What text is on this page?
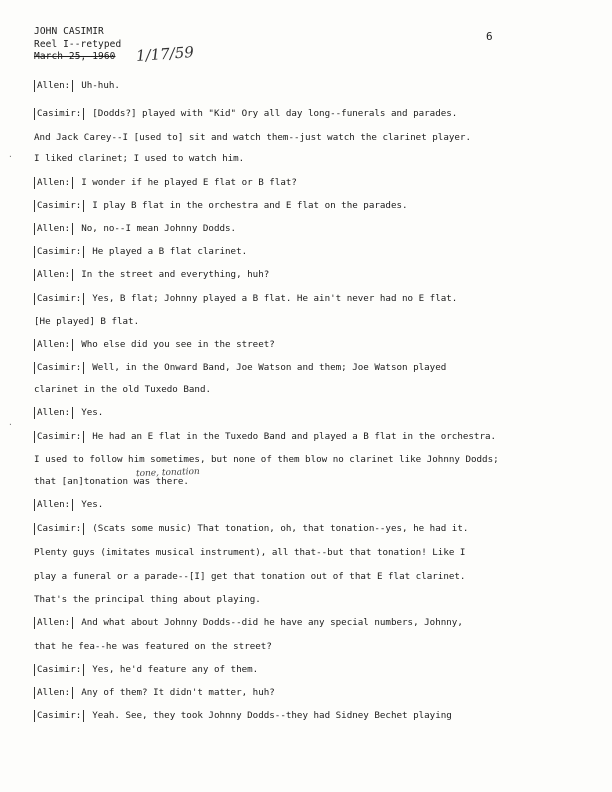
JOHN CASIMIR
Reel I--retyped
March 25, 1960	1/17/59
6
Allen: Uh-huh.
Casimir: [Dodds?] played with "Kid" Ory all day long--funerals and parades.
And Jack Carey--I [used to] sit and watch them--just watch the clarinet player.
I liked clarinet; I used to watch him.
Allen: I wonder if he played E flat or B flat?
Casimir: I play B flat in the orchestra and E flat on the parades.
Allen: No, no--I mean Johnny Dodds.
Casimir: He played a B flat clarinet.
Allen: In the street and everything, huh?
Casimir: Yes, B flat; Johnny played a B flat. He ain't never had no E flat.
[He played] B flat.
Allen: Who else did you see in the street?
Casimir: Well, in the Onward Band, Joe Watson and them; Joe Watson played
clarinet in the old Tuxedo Band.
Allen: Yes.
Casimir: He had an E flat in the Tuxedo Band and played a B flat in the orchestra.
I used to follow him sometimes, but none of them blow no clarinet like Johnny Dodds;
that [an]tonation was there.
Allen: Yes.
Casimir: (Scats some music) That tonation, oh, that tonation--yes, he had it.
Plenty guys (imitates musical instrument), all that--but that tonation! Like I
play a funeral or a parade--[I] get that tonation out of that E flat clarinet.
That's the principal thing about playing.
Allen: And what about Johnny Dodds--did he have any special numbers, Johnny,
that he fea--he was featured on the street?
Casimir: Yes, he'd feature any of them.
Allen: Any of them? It didn't matter, huh?
Casimir: Yeah. See, they took Johnny Dodds--they had Sidney Bechet playing
tone, tonation
·
·
